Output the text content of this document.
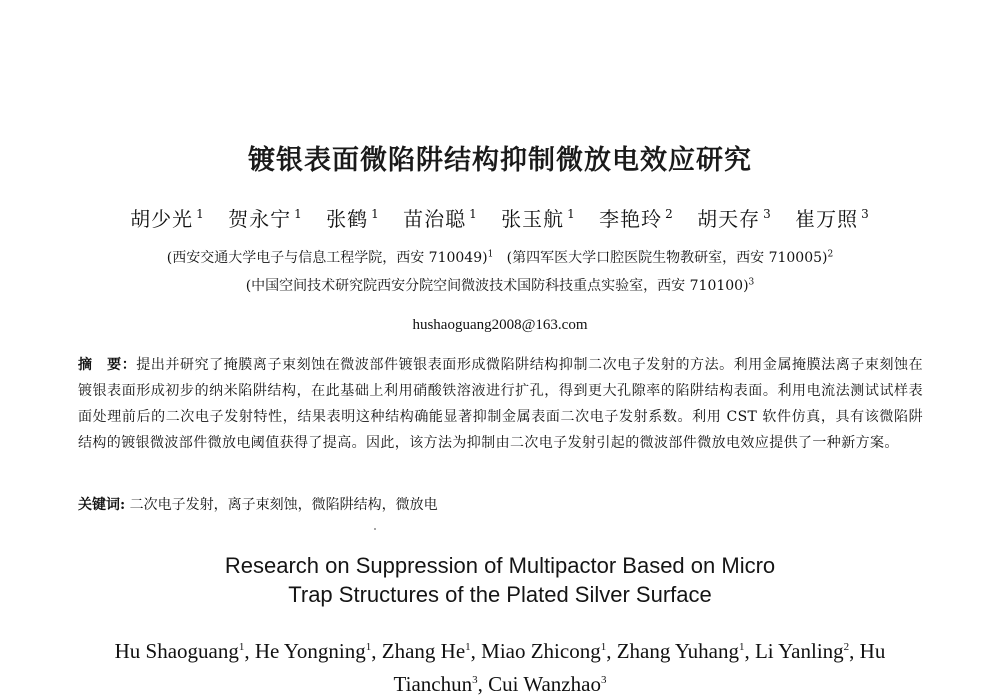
镀银表面微陷阱结构抑制微放电效应研究
胡少光 $^1$ 贺永宁 $^1$ 张鹤 $^1$ 苗治聪 $^1$ 张玉航 $^1$ 李艳玲 $^2$ 胡天存 $^3$ 崔万照 $^3$
(西安交通大学电子与信息工程学院，西安 710049)$^1$ (第四军医大学口腔医院生物教研室，西安 710005)$^2$
(中国空间技术研究院西安分院空间微波技术国防科技重点实验室，西安 710100)$^3$
hushaoguang2008@163.com
摘　要：提出并研究了掩膜离子束刻蚀在微波部件镀银表面形成微陷阱结构抑制二次电子发射的方法。利用金属掩膜法离子束刻蚀在镀银表面形成初步的纳米陷阱结构，在此基础上利用硝酸铁溶液进行扩孔，得到更大孔隙率的陷阱结构表面。利用电流法测试试样表面处理前后的二次电子发射特性，结果表明这种结构确能显著抑制金属表面二次电子发射系数。利用 CST 软件仿真，具有该微陷阱结构的镀银微波部件微放电阈值获得了提高。因此，该方法为抑制由二次电子发射引起的微波部件微放电效应提供了一种新方案。
关键词: 二次电子发射，离子束刻蚀，微陷阱结构，微放电
Research on Suppression of Multipactor Based on Micro
Trap Structures of the Plated Silver Surface
Hu Shaoguang$^1$, He Yongning$^1$, Zhang He$^1$, Miao Zhicong$^1$, Zhang Yuhang$^1$, Li Yanling$^2$, Hu Tianchun$^3$, Cui Wanzhao$^3$
